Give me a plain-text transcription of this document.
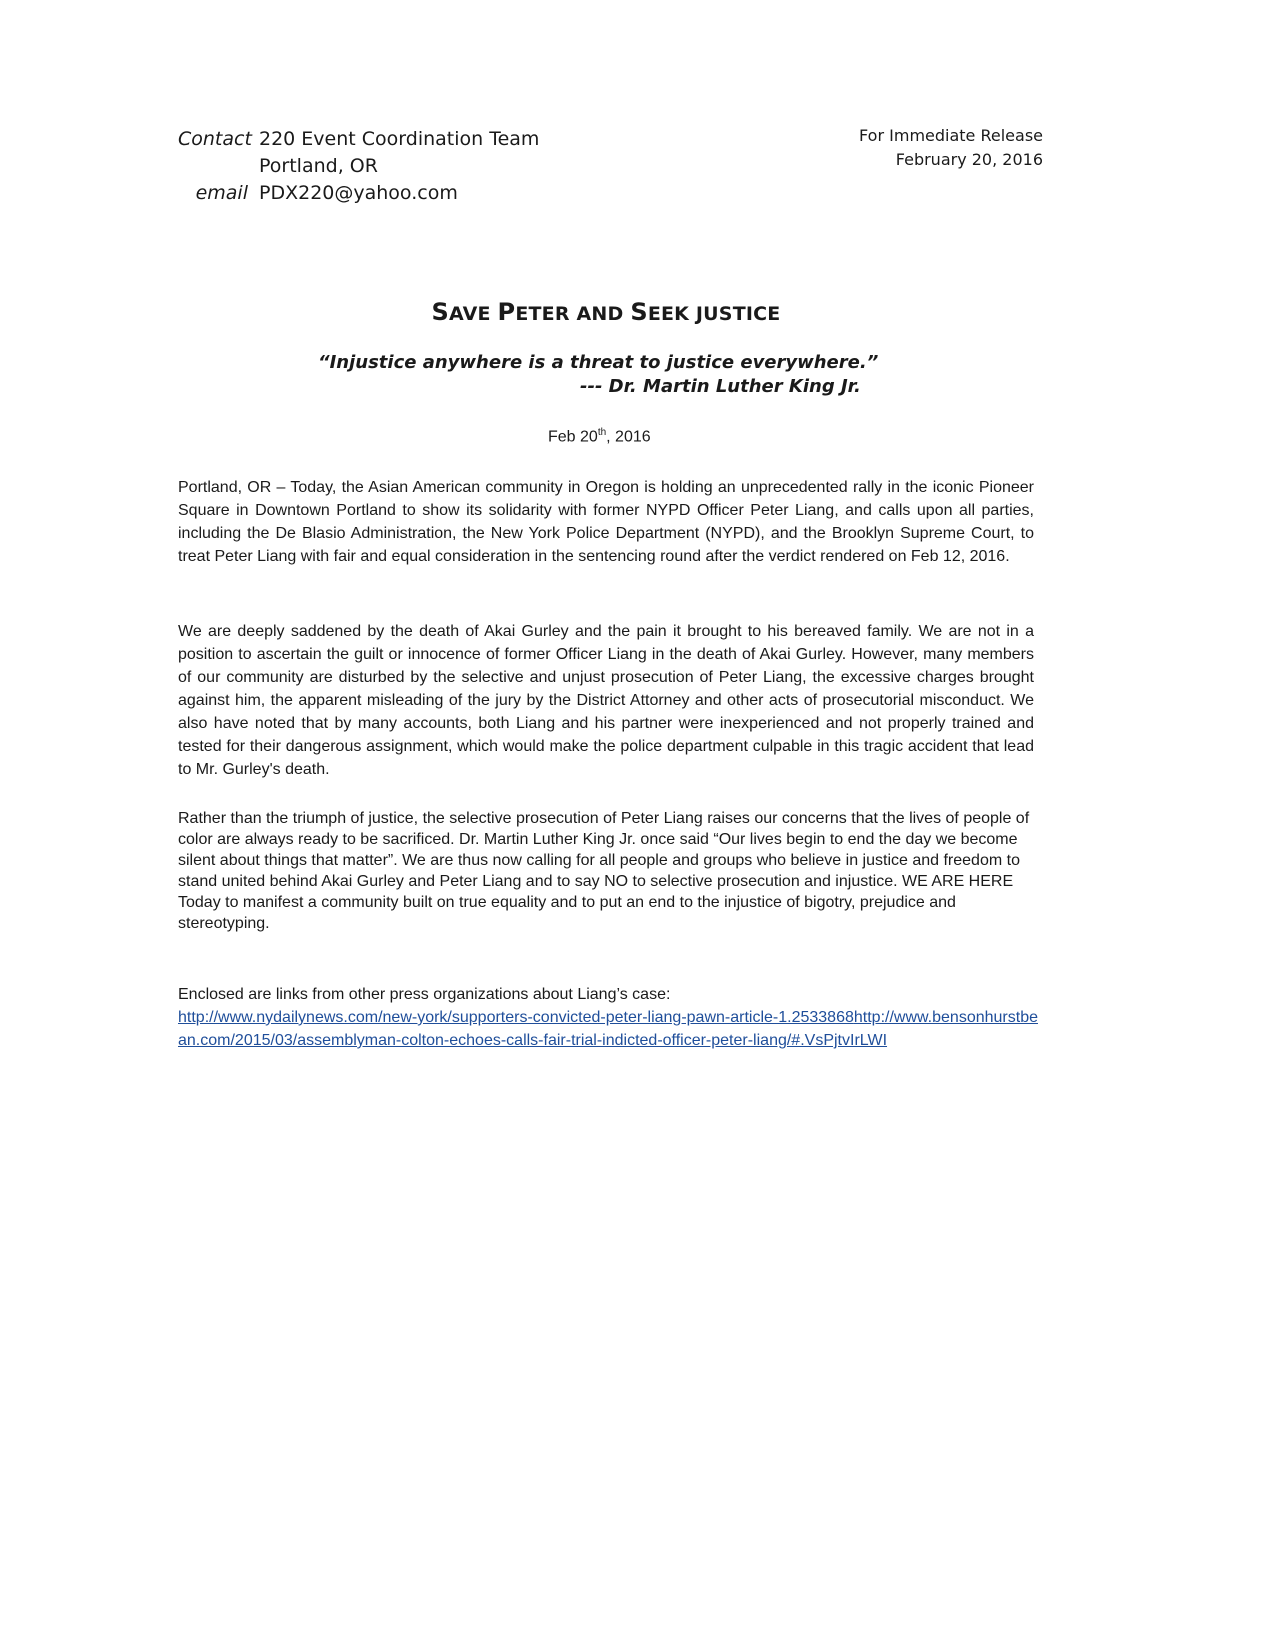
Contact 220 Event Coordination Team
Portland, OR
email PDX220@yahoo.com
For Immediate Release
February 20, 2016
SAVE PETER AND SEEK JUSTICE
“Injustice anywhere is a threat to justice everywhere.”
--- Dr. Martin Luther King Jr.
Feb 20th, 2016

Portland, OR – Today, the Asian American community in Oregon is holding an unprecedented rally in the iconic Pioneer Square in Downtown Portland to show its solidarity with former NYPD Officer Peter Liang, and calls upon all parties, including the De Blasio Administration, the New York Police Department (NYPD), and the Brooklyn Supreme Court, to treat Peter Liang with fair and equal consideration in the sentencing round after the verdict rendered on Feb 12, 2016.

We are deeply saddened by the death of Akai Gurley and the pain it brought to his bereaved family. We are not in a position to ascertain the guilt or innocence of former Officer Liang in the death of Akai Gurley. However, many members of our community are disturbed by the selective and unjust prosecution of Peter Liang, the excessive charges brought against him, the apparent misleading of the jury by the District Attorney and other acts of prosecutorial misconduct. We also have noted that by many accounts, both Liang and his partner were inexperienced and not properly trained and tested for their dangerous assignment, which would make the police department culpable in this tragic accident that lead to Mr. Gurley's death.

Rather than the triumph of justice, the selective prosecution of Peter Liang raises our concerns that the lives of people of color are always ready to be sacrificed. Dr. Martin Luther King Jr. once said “Our lives begin to end the day we become silent about things that matter”. We are thus now calling for all people and groups who believe in justice and freedom to stand united behind Akai Gurley and Peter Liang and to say NO to selective prosecution and injustice. WE ARE HERE Today to manifest a community built on true equality and to put an end to the injustice of bigotry, prejudice and stereotyping.

Enclosed are links from other press organizations about Liang’s case:
http://www.nydailynews.com/new-york/supporters-convicted-peter-liang-pawn-article-1.2533868http://www.bensonhurstbean.com/2015/03/assemblyman-colton-echoes-calls-fair-trial-indicted-officer-peter-liang/#.VsPjtvIrLWI
